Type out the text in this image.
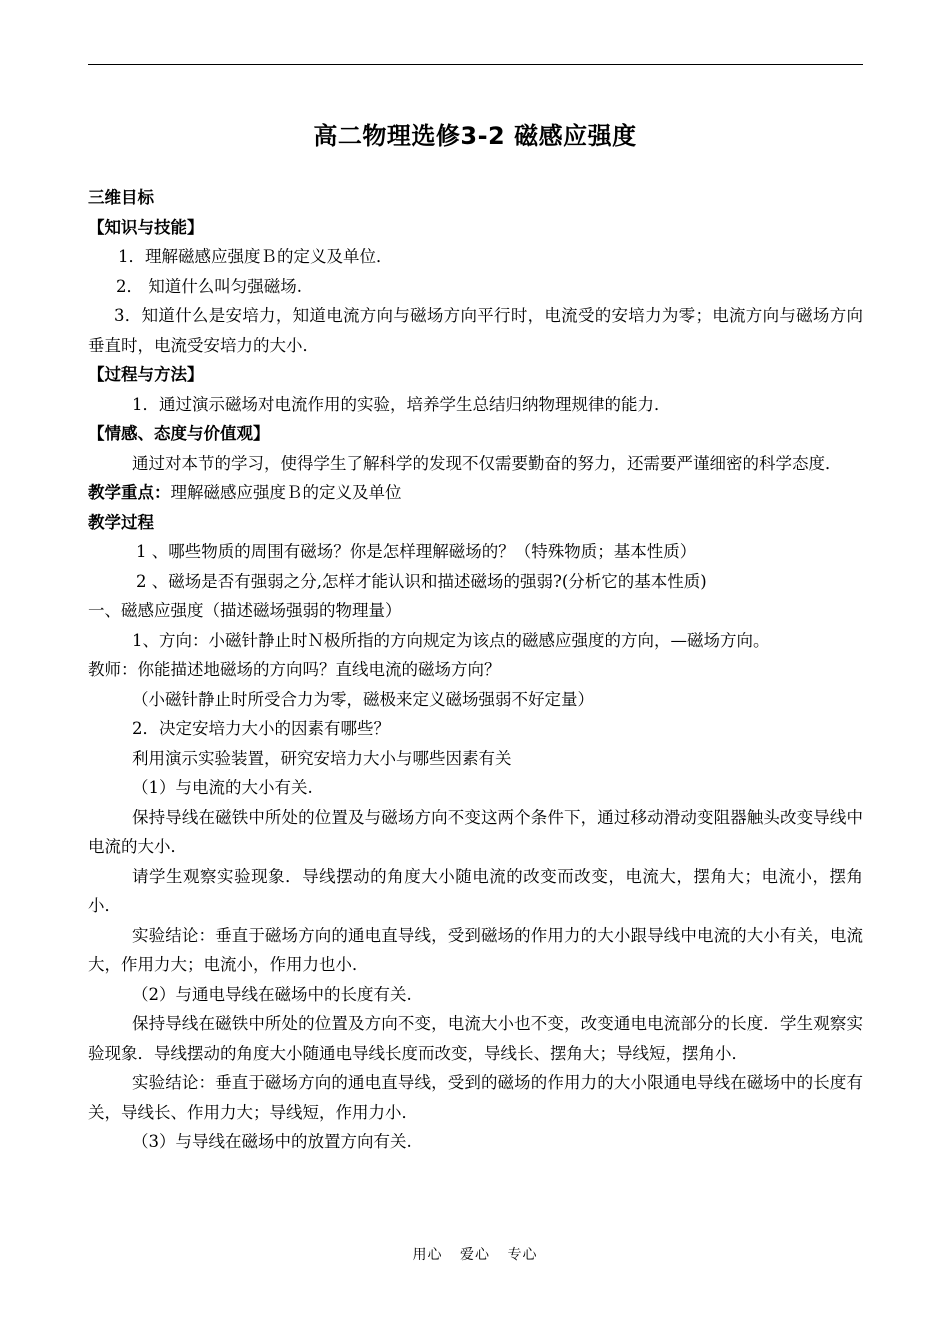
高二物理选修3-2 磁感应强度
三维目标
【知识与技能】
1．理解磁感应强度Ｂ的定义及单位．
2． 知道什么叫匀强磁场.
3．知道什么是安培力，知道电流方向与磁场方向平行时，电流受的安培力为零；电流方向与磁场方向垂直时，电流受安培力的大小．
【过程与方法】
1．通过演示磁场对电流作用的实验，培养学生总结归纳物理规律的能力．
【情感、态度与价值观】
通过对本节的学习，使得学生了解科学的发现不仅需要勤奋的努力，还需要严谨细密的科学态度．
教学重点：理解磁感应强度Ｂ的定义及单位
教学过程
1 、哪些物质的周围有磁场？你是怎样理解磁场的？（特殊物质；基本性质）
2 、磁场是否有强弱之分,怎样才能认识和描述磁场的强弱?(分析它的基本性质)
一、磁感应强度（描述磁场强弱的物理量）
1、方向：小磁针静止时Ｎ极所指的方向规定为该点的磁感应强度的方向，—磁场方向。
教师：你能描述地磁场的方向吗？直线电流的磁场方向？
（小磁针静止时所受合力为零，磁极来定义磁场强弱不好定量）
2．决定安培力大小的因素有哪些？
利用演示实验装置，研究安培力大小与哪些因素有关
（1）与电流的大小有关.
保持导线在磁铁中所处的位置及与磁场方向不变这两个条件下，通过移动滑动变阻器触头改变导线中电流的大小．
请学生观察实验现象．导线摆动的角度大小随电流的改变而改变，电流大，摆角大；电流小，摆角小．
实验结论：垂直于磁场方向的通电直导线，受到磁场的作用力的大小跟导线中电流的大小有关，电流大，作用力大；电流小，作用力也小．
（2）与通电导线在磁场中的长度有关.
保持导线在磁铁中所处的位置及方向不变，电流大小也不变，改变通电电流部分的长度．学生观察实验现象．导线摆动的角度大小随通电导线长度而改变，导线长、摆角大；导线短，摆角小．
实验结论：垂直于磁场方向的通电直导线，受到的磁场的作用力的大小限通电导线在磁场中的长度有关，导线长、作用力大；导线短，作用力小．
（3）与导线在磁场中的放置方向有关.
用心 爱心 专心
